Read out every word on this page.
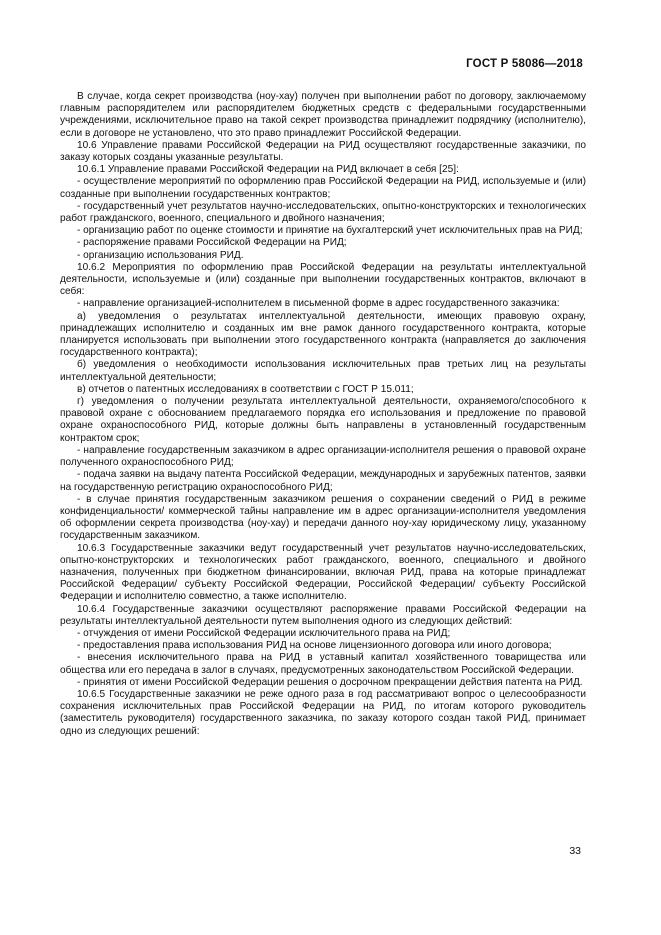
ГОСТ Р 58086—2018

В случае, когда секрет производства (ноу-хау) получен при выполнении работ по договору, заключаемому главным распорядителем или распорядителем бюджетных средств с федеральными государственными учреждениями, исключительное право на такой секрет производства принадлежит подрядчику (исполнителю), если в договоре не установлено, что это право принадлежит Российской Федерации.

10.6 Управление правами Российской Федерации на РИД осуществляют государственные заказчики, по заказу которых созданы указанные результаты.

10.6.1 Управление правами Российской Федерации на РИД включает в себя [25]:

- осуществление мероприятий по оформлению прав Российской Федерации на РИД, используемые и (или) созданные при выполнении государственных контрактов;

- государственный учет результатов научно-исследовательских, опытно-конструкторских и технологических работ гражданского, военного, специального и двойного назначения;

- организацию работ по оценке стоимости и принятие на бухгалтерский учет исключительных прав на РИД;

- распоряжение правами Российской Федерации на РИД;

- организацию использования РИД.

10.6.2 Мероприятия по оформлению прав Российской Федерации на результаты интеллектуальной деятельности, используемые и (или) созданные при выполнении государственных контрактов, включают в себя:

- направление организацией-исполнителем в письменной форме в адрес государственного заказчика:

а) уведомления о результатах интеллектуальной деятельности, имеющих правовую охрану, принадлежащих исполнителю и созданных им вне рамок данного государственного контракта, которые планируется использовать при выполнении этого государственного контракта (направляется до заключения государственного контракта);

б) уведомления о необходимости использования исключительных прав третьих лиц на результаты интеллектуальной деятельности;

в) отчетов о патентных исследованиях в соответствии с ГОСТ Р 15.011;

г) уведомления о получении результата интеллектуальной деятельности, охраняемого/способного к правовой охране с обоснованием предлагаемого порядка его использования и предложение по правовой охране охраноспособного РИД, которые должны быть направлены в установленный государственным контрактом срок;

- направление государственным заказчиком в адрес организации-исполнителя решения о правовой охране полученного охраноспособного РИД;

- подача заявки на выдачу патента Российской Федерации, международных и зарубежных патентов, заявки на государственную регистрацию охраноспособного РИД;

- в случае принятия государственным заказчиком решения о сохранении сведений о РИД в режиме конфиденциальности/ коммерческой тайны направление им в адрес организации-исполнителя уведомления об оформлении секрета производства (ноу-хау) и передачи данного ноу-хау юридическому лицу, указанному государственным заказчиком.

10.6.3 Государственные заказчики ведут государственный учет результатов научно-исследовательских, опытно-конструкторских и технологических работ гражданского, военного, специального и двойного назначения, полученных при бюджетном финансировании, включая РИД, права на которые принадлежат Российской Федерации/ субъекту Российской Федерации, Российской Федерации/ субъекту Российской Федерации и исполнителю совместно, а также исполнителю.

10.6.4 Государственные заказчики осуществляют распоряжение правами Российской Федерации на результаты интеллектуальной деятельности путем выполнения одного из следующих действий:

- отчуждения от имени Российской Федерации исключительного права на РИД;

- предоставления права использования РИД на основе лицензионного договора или иного договора;

- внесения исключительного права на РИД в уставный капитал хозяйственного товарищества или общества или его передача в залог в случаях, предусмотренных законодательством Российской Федерации.

- принятия от имени Российской Федерации решения о досрочном прекращении действия патента на РИД.

10.6.5 Государственные заказчики не реже одного раза в год рассматривают вопрос о целесообразности сохранения исключительных прав Российской Федерации на РИД, по итогам которого руководитель (заместитель руководителя) государственного заказчика, по заказу которого создан такой РИД, принимает одно из следующих решений:

33
